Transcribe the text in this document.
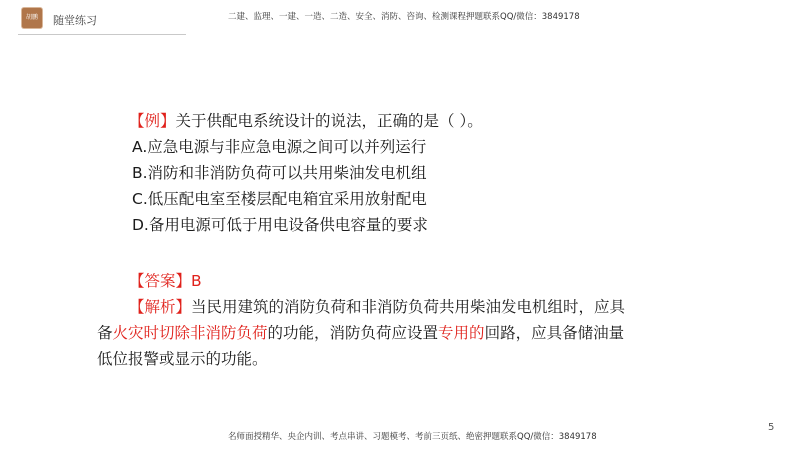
胡鹏 随堂练习	二建、监理、一建、一造、二造、安全、消防、咨询、检测课程押题联系QQ/微信：3849178
【例】关于供配电系统设计的说法，正确的是（ ）。
A.应急电源与非应急电源之间可以并列运行
B.消防和非消防负荷可以共用柴油发电机组
C.低压配电室至楼层配电箱宜采用放射配电
D.备用电源可低于用电设备供电容量的要求
【答案】B
【解析】当民用建筑的消防负荷和非消防负荷共用柴油发电机组时，应具
备火灾时切除非消防负荷的功能，消防负荷应设置专用的回路，应具备储油量
低位报警或显示的功能。
名师面授精华、央企内训、考点串讲、习题模考、考前三页纸、绝密押题联系QQ/微信：3849178
5
